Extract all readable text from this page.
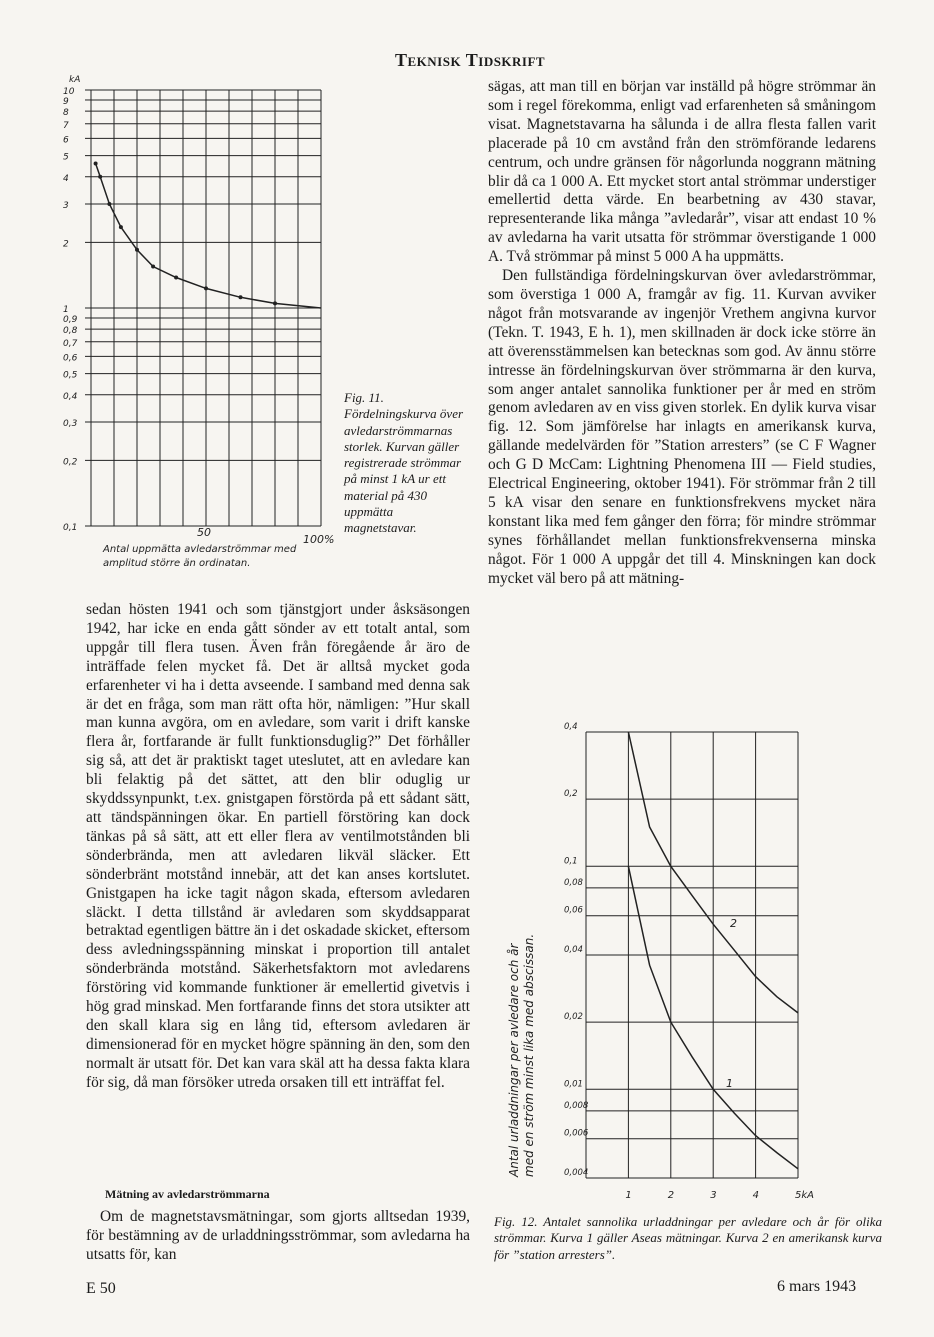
Teknisk Tidskrift
10
9
8
7
6
5
4
3
2
1
0,9
0,8
0,7
0,6
0,5
0,4
0,3
0,2
0,1
kA
50
100%
Antal uppmätta avledarströmmar med
amplitud större än ordinatan.
Fig. 11. Fördelningskurva över avledarströmmarnas storlek. Kurvan gäller registrerade strömmar på minst 1 kA ur ett material på 430 uppmätta magnetstavar.

sägas, att man till en början var inställd på högre strömmar än som i regel förekomma, enligt vad erfarenheten så småningom visat. Magnetstavarna ha sålunda i de allra flesta fallen varit placerade på 10 cm avstånd från den strömförande ledarens centrum, och undre gränsen för någorlunda noggrann mätning blir då ca 1 000 A. Ett mycket stort antal strömmar understiger emellertid detta värde. En bearbetning av 430 stavar, representerande lika många ”avledarår”, visar att endast 10 % av avledarna ha varit utsatta för strömmar överstigande 1 000 A. Två strömmar på minst 5 000 A ha uppmätts.

Den fullständiga fördelningskurvan över avledarströmmar, som överstiga 1 000 A, framgår av fig. 11. Kurvan avviker något från motsvarande av ingenjör Vrethem angivna kurvor (Tekn. T. 1943, E h. 1), men skillnaden är dock icke större än att överensstämmelsen kan betecknas som god. Av ännu större intresse än fördelningskurvan över strömmarna är den kurva, som anger antalet sannolika funktioner per år med en ström genom avledaren av en viss given storlek. En dylik kurva visar fig. 12. Som jämförelse har inlagts en amerikansk kurva, gällande medelvärden för ”Station arresters” (se C F Wagner och G D McCam: Lightning Phenomena III — Field studies, Electrical Engineering, oktober 1941). För strömmar från 2 till 5 kA visar den senare en funktionsfrekvens mycket nära konstant lika med fem gånger den förra; för mindre strömmar synes förhållandet mellan funktionsfrekvenserna minska något. För 1 000 A uppgår det till 4. Minskningen kan dock mycket väl bero på att mätning-

sedan hösten 1941 och som tjänstgjort under åsksäsongen 1942, har icke en enda gått sönder av ett totalt antal, som uppgår till flera tusen. Även från föregående år äro de inträffade felen mycket få. Det är alltså mycket goda erfarenheter vi ha i detta avseende. I samband med denna sak är det en fråga, som man rätt ofta hör, nämligen: ”Hur skall man kunna avgöra, om en avledare, som varit i drift kanske flera år, fortfarande är fullt funktionsduglig?” Det förhåller sig så, att det är praktiskt taget uteslutet, att en avledare kan bli felaktig på det sättet, att den blir oduglig ur skyddssynpunkt, t.ex. gnistgapen förstörda på ett sådant sätt, att tändspänningen ökar. En partiell förstöring kan dock tänkas på så sätt, att ett eller flera av ventilmotstånden bli sönderbrända, men att avledaren likväl släcker. Ett sönderbränt motstånd innebär, att det kan anses kortslutet. Gnistgapen ha icke tagit någon skada, eftersom avledaren släckt. I detta tillstånd är avledaren som skyddsapparat betraktad egentligen bättre än i det oskadade skicket, eftersom dess avledningsspänning minskat i proportion till antalet sönderbrända motstånd. Säkerhetsfaktorn mot avledarens förstöring vid kommande funktioner är emellertid givetvis i hög grad minskad. Men fortfarande finns det stora utsikter att den skall klara sig en lång tid, eftersom avledaren är dimensionerad för en mycket högre spänning än den, som den normalt är utsatt för. Det kan vara skäl att ha dessa fakta klara för sig, då man försöker utreda orsaken till ett inträffat fel.

Mätning av avledarströmmarna

Om de magnetstavsmätningar, som gjorts alltsedan 1939, för bestämning av de urladdningsströmmar, som avledarna ha utsatts för, kan

0,4
0,2
0,1
0,08
0,06
0,04
0,02
0,01
0,008
0,006
0,004
1	2	3	4	5kA
1
2
Antal urladdningar per avledare och år med en ström minst lika med abscissan.
Fig. 12. Antalet sannolika urladdningar per avledare och år för olika strömmar. Kurva 1 gäller Aseas mätningar. Kurva 2 en amerikansk kurva för ”station arresters”.
E 50	6 mars 1943
